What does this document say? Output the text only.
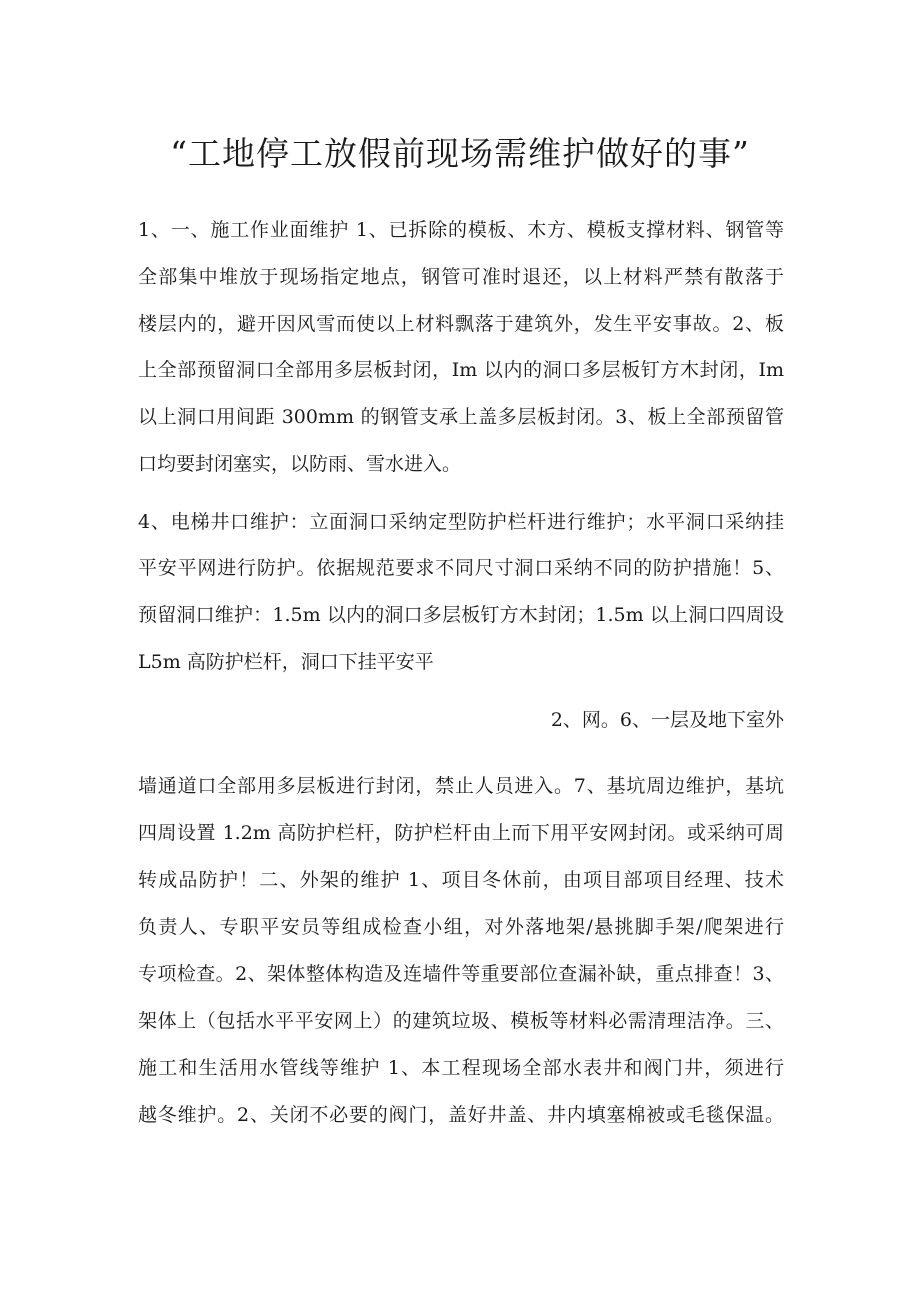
“工地停工放假前现场需维护做好的事”
1、一、施工作业面维护 1、已拆除的模板、木方、模板支撑材料、钢管等
全部集中堆放于现场指定地点，钢管可准时退还，以上材料严禁有散落于
楼层内的，避开因风雪而使以上材料飘落于建筑外，发生平安事故。2、板
上全部预留洞口全部用多层板封闭，Im 以内的洞口多层板钉方木封闭，Im
以上洞口用间距 300mm 的钢管支承上盖多层板封闭。3、板上全部预留管
口均要封闭塞实，以防雨、雪水进入。
4、电梯井口维护：立面洞口采纳定型防护栏杆进行维护；水平洞口采纳挂
平安平网进行防护。依据规范要求不同尺寸洞口采纳不同的防护措施！5、
预留洞口维护：1.5m 以内的洞口多层板钉方木封闭；1.5m 以上洞口四周设
L5m 高防护栏杆，洞口下挂平安平
2、网。6、一层及地下室外
墙通道口全部用多层板进行封闭，禁止人员进入。7、基坑周边维护，基坑
四周设置 1.2m 高防护栏杆，防护栏杆由上而下用平安网封闭。或采纳可周
转成品防护！二、外架的维护 1、项目冬休前，由项目部项目经理、技术
负责人、专职平安员等组成检查小组，对外落地架/悬挑脚手架/爬架进行
专项检查。2、架体整体构造及连墙件等重要部位查漏补缺，重点排查！3、
架体上（包括水平平安网上）的建筑垃圾、模板等材料必需清理洁净。三、
施工和生活用水管线等维护 1、本工程现场全部水表井和阀门井，须进行
越冬维护。2、关闭不必要的阀门，盖好井盖、井内填塞棉被或毛毯保温。
